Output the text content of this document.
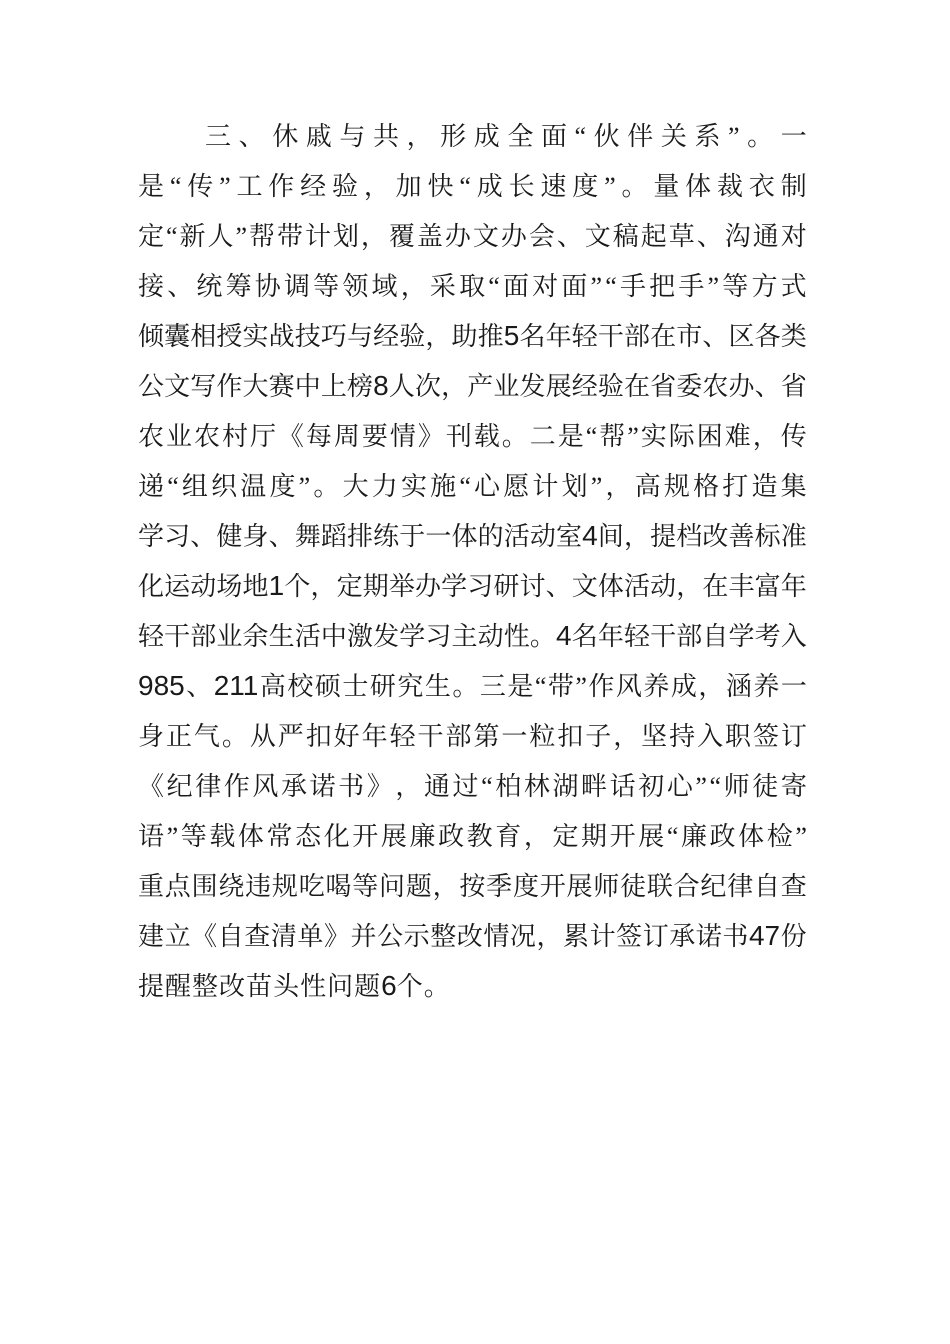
三 、 休 戚 与 共 ， 形 成 全 面 “ 伙 伴 关 系 ” 。 一
是 “ 传 ” 工 作 经 验 ， 加 快 “ 成 长 速 度 ” 。 量 体 裁 衣 制
定 “ 新 人 ” 帮 带 计 划 ， 覆 盖 办 文 办 会 、 文 稿 起 草 、 沟 通 对
接 、 统 筹 协 调 等 领 域 ， 采 取 “ 面 对 面 ” “ 手 把 手 ” 等 方 式
倾 囊 相 授 实 战 技 巧 与 经 验 ， 助 推 5 名 年 轻 干 部 在 市 、 区 各 类
公 文 写 作 大 赛 中 上 榜 8 人 次 ， 产 业 发 展 经 验 在 省 委 农 办 、 省
农 业 农 村 厅 《 每 周 要 情 》 刊 载 。 二 是 “ 帮 ” 实 际 困 难 ， 传
递 “ 组 织 温 度 ” 。 大 力 实 施 “ 心 愿 计 划 ” ， 高 规 格 打 造 集
学 习 、 健 身 、 舞 蹈 排 练 于 一 体 的 活 动 室 4 间 ， 提 档 改 善 标 准
化 运 动 场 地 1 个 ， 定 期 举 办 学 习 研 讨 、 文 体 活 动 ， 在 丰 富 年
轻 干 部 业 余 生 活 中 激 发 学 习 主 动 性 。 4 名 年 轻 干 部 自 学 考 入
985 、 211 高 校 硕 士 研 究 生 。 三 是 “ 带 ” 作 风 养 成 ， 涵 养 一
身 正 气 。 从 严 扣 好 年 轻 干 部 第 一 粒 扣 子 ， 坚 持 入 职 签 订
《 纪 律 作 风 承 诺 书 》 ， 通 过 “ 柏 林 湖 畔 话 初 心 ” “ 师 徒 寄
语 ” 等 载 体 常 态 化 开 展 廉 政 教 育 ， 定 期 开 展 “ 廉 政 体 检 ”
重 点 围 绕 违 规 吃 喝 等 问 题 ， 按 季 度 开 展 师 徒 联 合 纪 律 自 查
建 立 《 自 查 清 单 》 并 公 示 整 改 情 况 ， 累 计 签 订 承 诺 书 47 份
提 醒 整 改 苗 头 性 问 题 6 个 。
